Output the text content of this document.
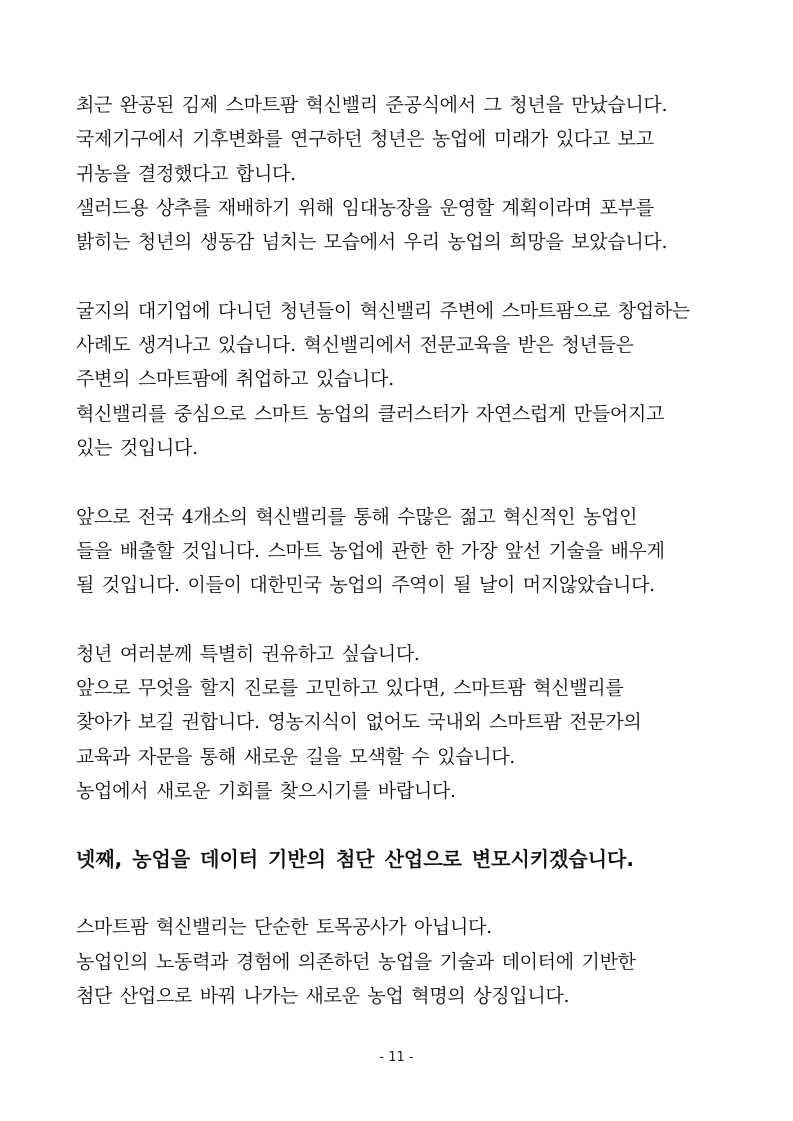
최근 완공된 김제 스마트팜 혁신밸리 준공식에서 그 청년을 만났습니다.
국제기구에서 기후변화를 연구하던 청년은 농업에 미래가 있다고 보고
귀농을 결정했다고 합니다.
샐러드용 상추를 재배하기 위해 임대농장을 운영할 계획이라며 포부를
밝히는 청년의 생동감 넘치는 모습에서 우리 농업의 희망을 보았습니다.
굴지의 대기업에 다니던 청년들이 혁신밸리 주변에 스마트팜으로 창업하는
사례도 생겨나고 있습니다. 혁신밸리에서 전문교육을 받은 청년들은
주변의 스마트팜에 취업하고 있습니다.
혁신밸리를 중심으로 스마트 농업의 클러스터가 자연스럽게 만들어지고
있는 것입니다.
앞으로 전국 4개소의 혁신밸리를 통해 수많은 젊고 혁신적인 농업인
들을 배출할 것입니다. 스마트 농업에 관한 한 가장 앞선 기술을 배우게
될 것입니다. 이들이 대한민국 농업의 주역이 될 날이 머지않았습니다.
청년 여러분께 특별히 권유하고 싶습니다.
앞으로 무엇을 할지 진로를 고민하고 있다면, 스마트팜 혁신밸리를
찾아가 보길 권합니다. 영농지식이 없어도 국내외 스마트팜 전문가의
교육과 자문을 통해 새로운 길을 모색할 수 있습니다.
농업에서 새로운 기회를 찾으시기를 바랍니다.
넷째, 농업을 데이터 기반의 첨단 산업으로 변모시키겠습니다.
스마트팜 혁신밸리는 단순한 토목공사가 아닙니다.
농업인의 노동력과 경험에 의존하던 농업을 기술과 데이터에 기반한
첨단 산업으로 바꿔 나가는 새로운 농업 혁명의 상징입니다.
- 11 -
